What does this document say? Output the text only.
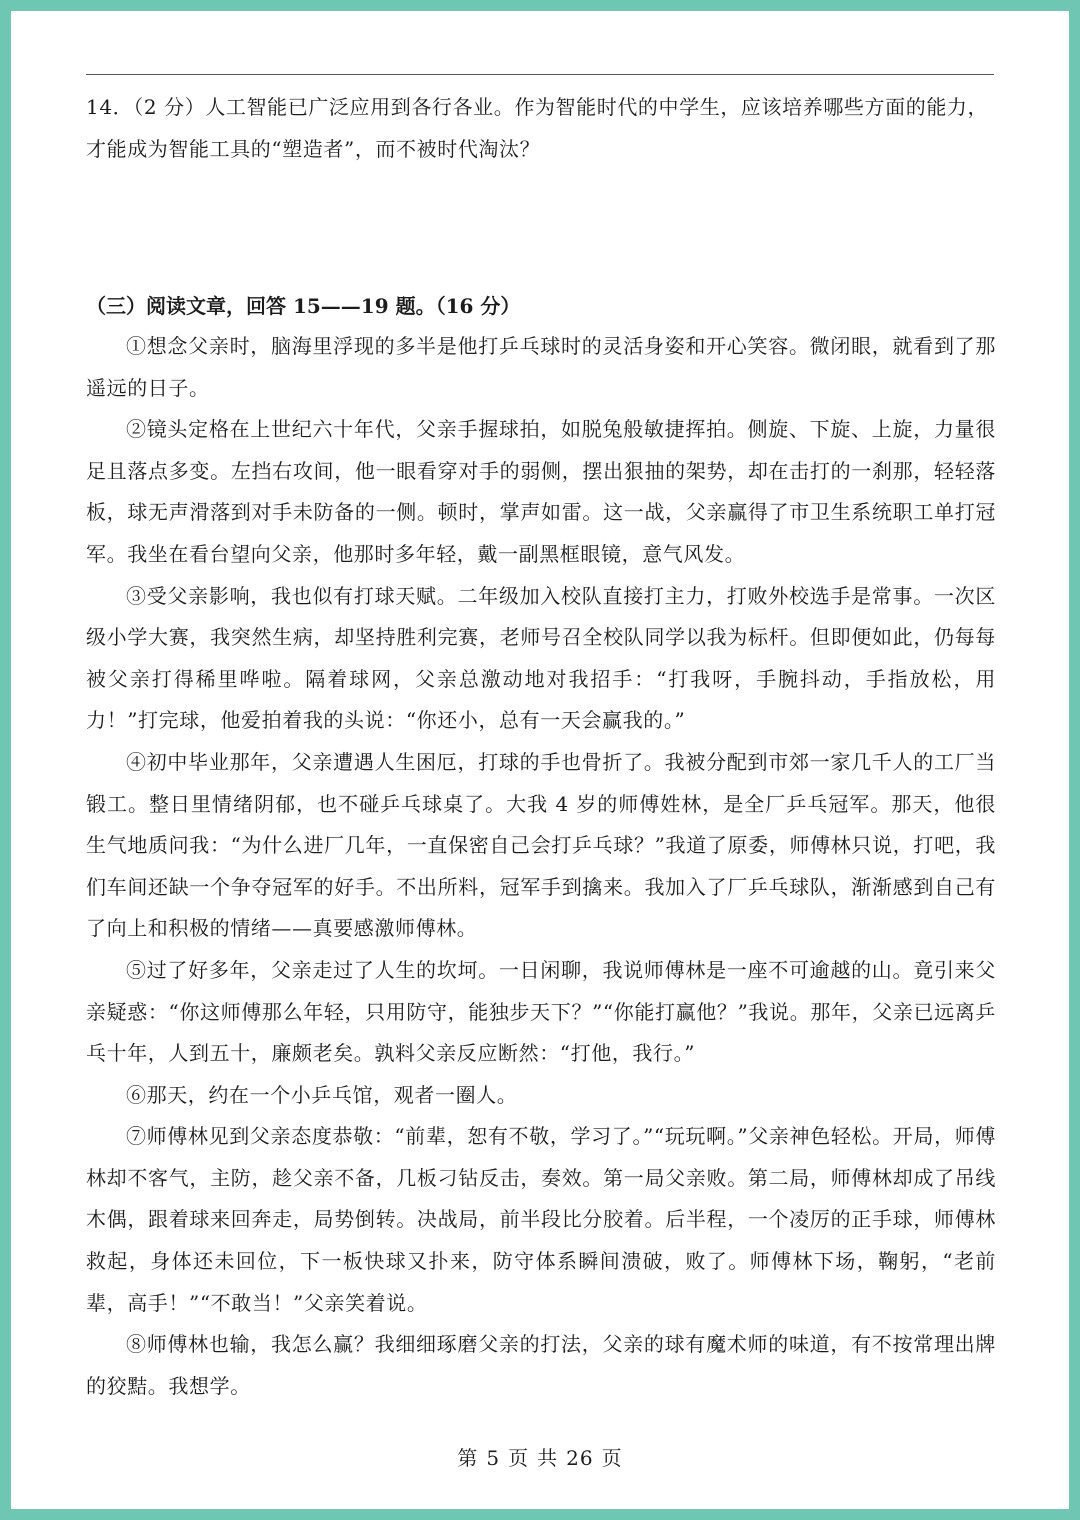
14．（2 分）人工智能已广泛应用到各行各业。作为智能时代的中学生，应该培养哪些方面的能力，才能成为智能工具的“塑造者”，而不被时代淘汰？
（三）阅读文章，回答 15——19 题。（16 分）

①想念父亲时，脑海里浮现的多半是他打乒乓球时的灵活身姿和开心笑容。微闭眼，就看到了那遥远的日子。

②镜头定格在上世纪六十年代，父亲手握球拍，如脱兔般敏捷挥拍。侧旋、下旋、上旋，力量很足且落点多变。左挡右攻间，他一眼看穿对手的弱侧，摆出狠抽的架势，却在击打的一刹那，轻轻落板，球无声滑落到对手未防备的一侧。顿时，掌声如雷。这一战，父亲赢得了市卫生系统职工单打冠军。我坐在看台望向父亲，他那时多年轻，戴一副黑框眼镜，意气风发。

③受父亲影响，我也似有打球天赋。二年级加入校队直接打主力，打败外校选手是常事。一次区级小学大赛，我突然生病，却坚持胜利完赛，老师号召全校队同学以我为标杆。但即便如此，仍每每被父亲打得稀里哗啦。隔着球网，父亲总激动地对我招手：“打我呀，手腕抖动，手指放松，用力！”打完球，他爱拍着我的头说：“你还小，总有一天会赢我的。”

④初中毕业那年，父亲遭遇人生困厄，打球的手也骨折了。我被分配到市郊一家几千人的工厂当锻工。整日里情绪阴郁，也不碰乒乓球桌了。大我 4 岁的师傅姓林，是全厂乒乓冠军。那天，他很生气地质问我：“为什么进厂几年，一直保密自己会打乒乓球？”我道了原委，师傅林只说，打吧，我们车间还缺一个争夺冠军的好手。不出所料，冠军手到擒来。我加入了厂乒乓球队，渐渐感到自己有了向上和积极的情绪——真要感激师傅林。

⑤过了好多年，父亲走过了人生的坎坷。一日闲聊，我说师傅林是一座不可逾越的山。竟引来父亲疑惑：“你这师傅那么年轻，只用防守，能独步天下？”“你能打赢他？”我说。那年，父亲已远离乒乓十年，人到五十，廉颇老矣。孰料父亲反应断然：“打他，我行。”

⑥那天，约在一个小乒乓馆，观者一圈人。

⑦师傅林见到父亲态度恭敬：“前辈，恕有不敬，学习了。”“玩玩啊。”父亲神色轻松。开局，师傅林却不客气，主防，趁父亲不备，几板刁钻反击，奏效。第一局父亲败。第二局，师傅林却成了吊线木偶，跟着球来回奔走，局势倒转。决战局，前半段比分胶着。后半程，一个凌厉的正手球，师傅林救起，身体还未回位，下一板快球又扑来，防守体系瞬间溃破，败了。师傅林下场，鞠躬，“老前辈，高手！”“不敢当！”父亲笑着说。

⑧师傅林也输，我怎么赢？我细细琢磨父亲的打法，父亲的球有魔术师的味道，有不按常理出牌的狡黠。我想学。

第 5 页 共 26 页
